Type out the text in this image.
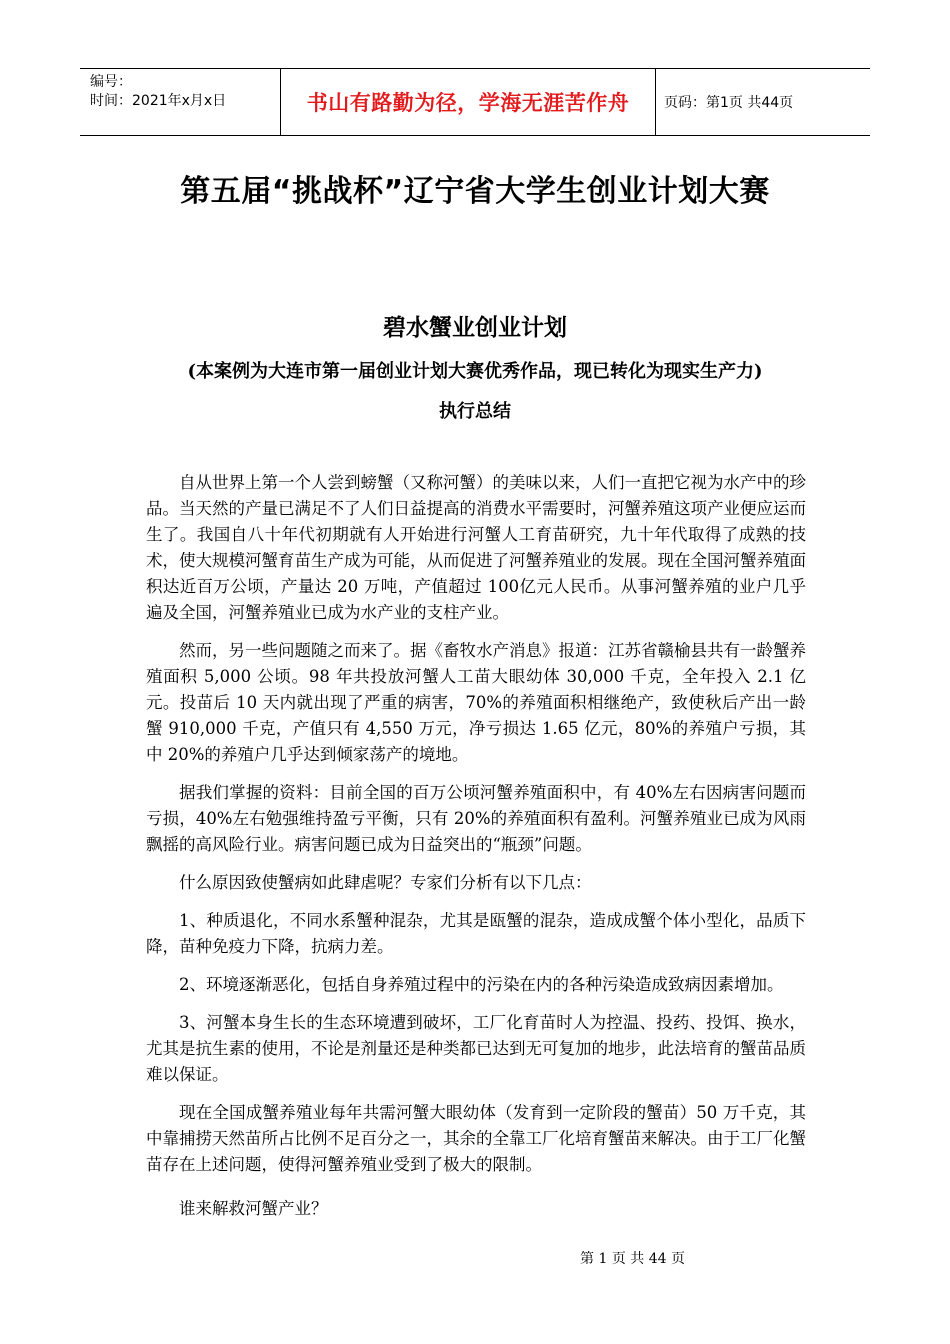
编号：
时间：2021年x月x日	书山有路勤为径，学海无涯苦作舟	页码：第1页 共44页
第五届“挑战杯”辽宁省大学生创业计划大赛
碧水蟹业创业计划
(本案例为大连市第一届创业计划大赛优秀作品，现已转化为现实生产力)
执行总结

自从世界上第一个人尝到螃蟹（又称河蟹）的美味以来，人们一直把它视为水产中的珍品。当天然的产量已满足不了人们日益提高的消费水平需要时，河蟹养殖这项产业便应运而生了。我国自八十年代初期就有人开始进行河蟹人工育苗研究，九十年代取得了成熟的技术，使大规模河蟹育苗生产成为可能，从而促进了河蟹养殖业的发展。现在全国河蟹养殖面积达近百万公顷，产量达 20 万吨，产值超过 100亿元人民币。从事河蟹养殖的业户几乎遍及全国，河蟹养殖业已成为水产业的支柱产业。

然而，另一些问题随之而来了。据《畜牧水产消息》报道：江苏省赣榆县共有一龄蟹养殖面积 5,000 公顷。98 年共投放河蟹人工苗大眼幼体 30,000 千克，全年投入 2.1 亿元。投苗后 10 天内就出现了严重的病害，70%的养殖面积相继绝产，致使秋后产出一龄蟹 910,000 千克，产值只有 4,550 万元，净亏损达 1.65 亿元，80%的养殖户亏损，其中 20%的养殖户几乎达到倾家荡产的境地。

据我们掌握的资料：目前全国的百万公顷河蟹养殖面积中，有 40%左右因病害问题而亏损，40%左右勉强维持盈亏平衡，只有 20%的养殖面积有盈利。河蟹养殖业已成为风雨飘摇的高风险行业。病害问题已成为日益突出的“瓶颈”问题。

什么原因致使蟹病如此肆虐呢？专家们分析有以下几点：

1、种质退化，不同水系蟹种混杂，尤其是瓯蟹的混杂，造成成蟹个体小型化，品质下降，苗种免疫力下降，抗病力差。

2、环境逐渐恶化，包括自身养殖过程中的污染在内的各种污染造成致病因素增加。

3、河蟹本身生长的生态环境遭到破坏，工厂化育苗时人为控温、投药、投饵、换水，尤其是抗生素的使用，不论是剂量还是种类都已达到无可复加的地步，此法培育的蟹苗品质难以保证。

现在全国成蟹养殖业每年共需河蟹大眼幼体（发育到一定阶段的蟹苗）50 万千克，其中靠捕捞天然苗所占比例不足百分之一，其余的全靠工厂化培育蟹苗来解决。由于工厂化蟹苗存在上述问题，使得河蟹养殖业受到了极大的限制。

谁来解救河蟹产业？

第 1 页 共 44 页
